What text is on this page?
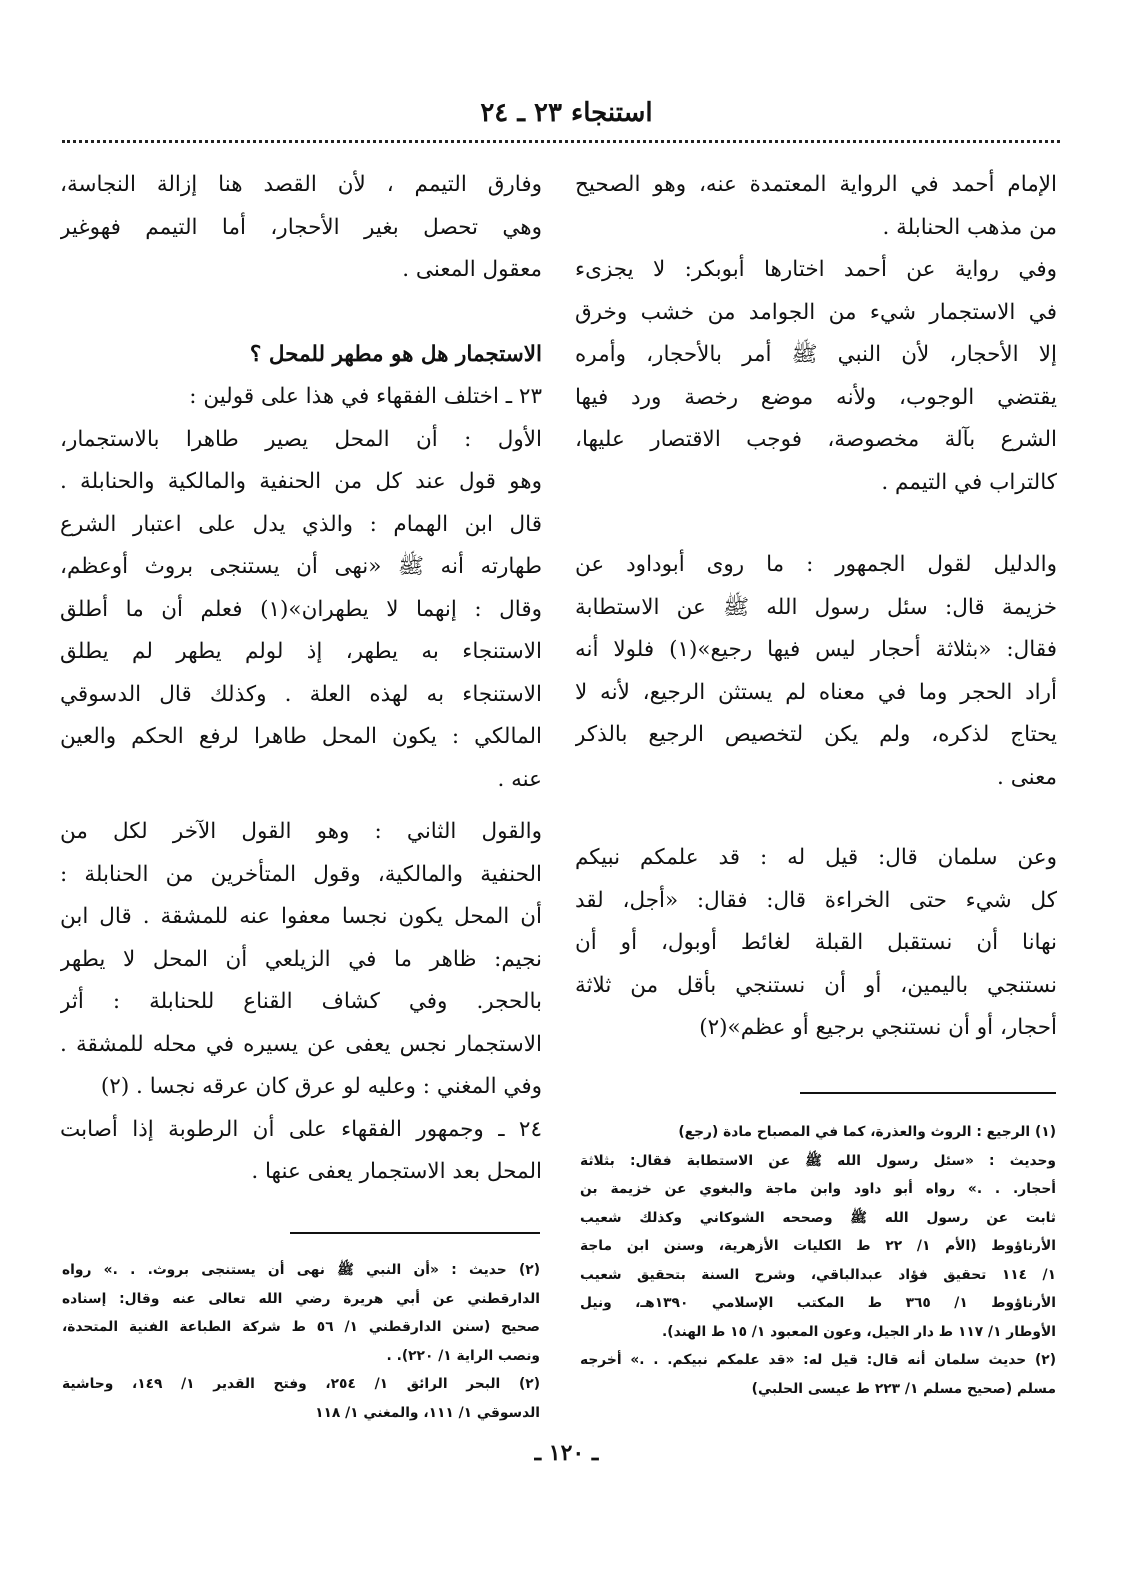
استنجاء ٢٣ ـ ٢٤
الإمام أحمد في الرواية المعتمدة عنه، وهو الصحيح
من مذهب الحنابلة .
وفي رواية عن أحمد اختارها أبوبكر: لا يجزىء
في الاستجمار شيء من الجوامد من خشب وخرق
إلا الأحجار، لأن النبي ﷺ أمر بالأحجار، وأمره
يقتضي الوجوب، ولأنه موضع رخصة ورد فيها
الشرع بآلة مخصوصة، فوجب الاقتصار عليها،
كالتراب في التيمم .
والدليل لقول الجمهور : ما روى أبوداود عن
خزيمة قال: سئل رسول الله ﷺ عن الاستطابة
فقال: «بثلاثة أحجار ليس فيها رجيع»(١) فلولا أنه
أراد الحجر وما في معناه لم يستثن الرجيع، لأنه لا
يحتاج لذكره، ولم يكن لتخصيص الرجيع بالذكر
معنى .
وعن سلمان قال: قيل له : قد علمكم نبيكم
كل شيء حتى الخراءة قال: فقال: «أجل، لقد
نهانا أن نستقبل القبلة لغائط أوبول، أو أن
نستنجي باليمين، أو أن نستنجي بأقل من ثلاثة
أحجار، أو أن نستنجي برجيع أو عظم»(٢)
وفارق التيمم ، لأن القصد هنا إزالة النجاسة،
وهي تحصل بغير الأحجار، أما التيمم فهوغير
معقول المعنى .
الاستجمار هل هو مطهر للمحل ؟
٢٣ ـ اختلف الفقهاء في هذا على قولين :
الأول : أن المحل يصير طاهرا بالاستجمار،
وهو قول عند كل من الحنفية والمالكية والحنابلة .
قال ابن الهمام : والذي يدل على اعتبار الشرع
طهارته أنه ﷺ «نهى أن يستنجى بروث أوعظم،
وقال : إنهما لا يطهران»(١) فعلم أن ما أطلق
الاستنجاء به يطهر، إذ لولم يطهر لم يطلق
الاستنجاء به لهذه العلة . وكذلك قال الدسوقي
المالكي : يكون المحل طاهرا لرفع الحكم والعين
عنه .
والقول الثاني : وهو القول الآخر لكل من
الحنفية والمالكية، وقول المتأخرين من الحنابلة :
أن المحل يكون نجسا معفوا عنه للمشقة . قال ابن
نجيم: ظاهر ما في الزيلعي أن المحل لا يطهر
بالحجر. وفي كشاف القناع للحنابلة : أثر
الاستجمار نجس يعفى عن يسيره في محله للمشقة .
وفي المغني : وعليه لو عرق كان عرقه نجسا . (٢)
٢٤ ـ وجمهور الفقهاء على أن الرطوبة إذا أصابت
المحل بعد الاستجمار يعفى عنها .
(١) الرجيع : الروث والعذرة، كما في المصباح مادة (رجع)
وحديث : «سئل رسول الله ﷺ عن الاستطابة فقال: بثلاثة
أحجار. . .» رواه أبو داود وابن ماجة والبغوي عن خزيمة بن
ثابت عن رسول الله ﷺ وصححه الشوكاني وكذلك شعيب
الأرناؤوط (الأم ١/ ٢٢ ط الكليات الأزهرية، وسنن ابن ماجة
١/ ١١٤ تحقيق فؤاد عبدالباقي، وشرح السنة بتحقيق شعيب
الأرناؤوط ١/ ٣٦٥ ط المكتب الإسلامي ١٣٩٠هـ، ونيل
الأوطار ١/ ١١٧ ط دار الجيل، وعون المعبود ١/ ١٥ ط الهند).
(٢) حديث سلمان أنه قال: قيل له: «قد علمكم نبيكم. . .» أخرجه
مسلم (صحيح مسلم ١/ ٢٢٣ ط عيسى الحلبي)
(٢) حديث : «أن النبي ﷺ نهى أن يستنجى بروث. . .» رواه
الدارقطني عن أبي هريرة رضي الله تعالى عنه وقال: إسناده
صحيح (سنن الدارقطني ١/ ٥٦ ط شركة الطباعة الفنية المتحدة،
ونصب الراية ١/ ٢٢٠). .
(٢) البحر الرائق ١/ ٢٥٤، وفتح القدير ١/ ١٤٩، وحاشية
الدسوقي ١/ ١١١، والمغني ١/ ١١٨
ـ ١٢٠ ـ
